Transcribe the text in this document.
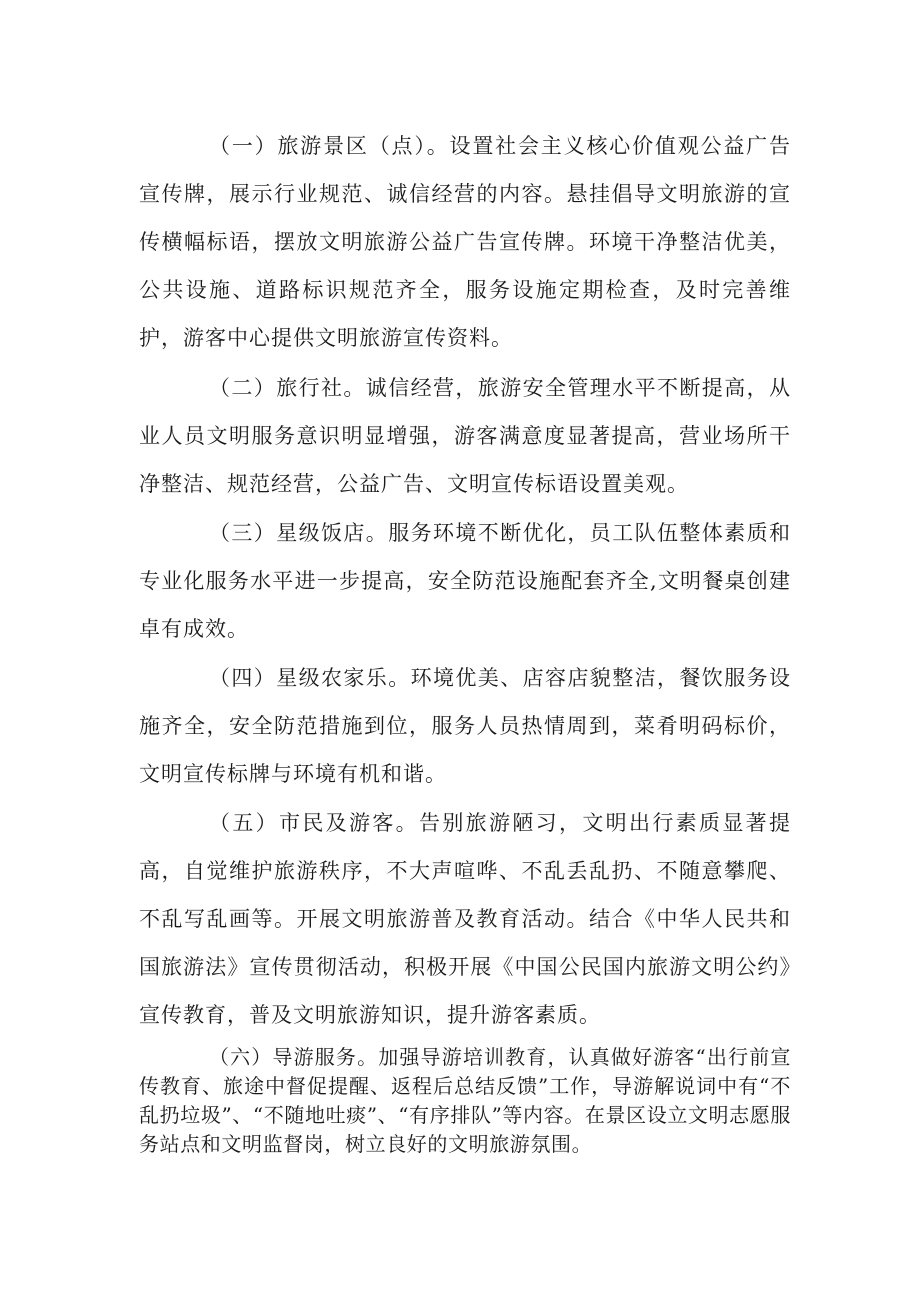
（一）旅游景区（点）。设置社会主义核心价值观公益广告宣传牌，展示行业规范、诚信经营的内容。悬挂倡导文明旅游的宣传横幅标语，摆放文明旅游公益广告宣传牌。环境干净整洁优美，公共设施、道路标识规范齐全，服务设施定期检查，及时完善维护，游客中心提供文明旅游宣传资料。

（二）旅行社。诚信经营，旅游安全管理水平不断提高，从业人员文明服务意识明显增强，游客满意度显著提高，营业场所干净整洁、规范经营，公益广告、文明宣传标语设置美观。

（三）星级饭店。服务环境不断优化，员工队伍整体素质和专业化服务水平进一步提高，安全防范设施配套齐全,文明餐桌创建卓有成效。

（四）星级农家乐。环境优美、店容店貌整洁，餐饮服务设施齐全，安全防范措施到位，服务人员热情周到，菜肴明码标价，文明宣传标牌与环境有机和谐。

（五）市民及游客。告别旅游陋习，文明出行素质显著提高，自觉维护旅游秩序，不大声喧哗、不乱丢乱扔、不随意攀爬、不乱写乱画等。开展文明旅游普及教育活动。结合《中华人民共和国旅游法》宣传贯彻活动，积极开展《中国公民国内旅游文明公约》宣传教育，普及文明旅游知识，提升游客素质。

（六）导游服务。加强导游培训教育，认真做好游客“出行前宣传教育、旅途中督促提醒、返程后总结反馈”工作，导游解说词中有“不乱扔垃圾”、“不随地吐痰”、“有序排队”等内容。在景区设立文明志愿服务站点和文明监督岗，树立良好的文明旅游氛围。
